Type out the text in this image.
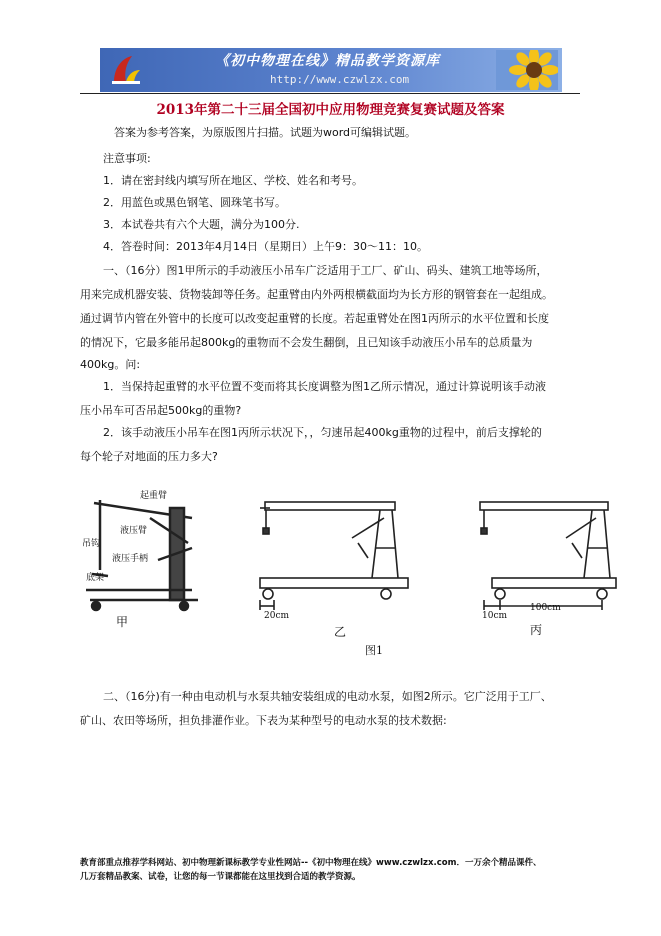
《初中物理在线》精品教学资源库
http://www.czwlzx.com
2013年第二十三届全国初中应用物理竞赛复赛试题及答案
答案为参考答案，为原版图片扫描。试题为word可编辑试题。
注意事项:
1．请在密封线内填写所在地区、学校、姓名和考号。
2．用蓝色或黑色钢笔、圆珠笔书写。
3．本试卷共有六个大题，满分为100分.
4．答卷时间：2013年4月14日（星期日）上午9：30～11：10。
一、（16分）图1甲所示的手动液压小吊车广泛适用于工厂、矿山、码头、建筑工地等场所，
用来完成机器安装、货物装卸等任务。起重臂由内外两根横截面均为长方形的钢管套在一起组成。
通过调节内管在外管中的长度可以改变起重臂的长度。若起重臂处在图1丙所示的水平位置和长度
的情况下，它最多能吊起800kg的重物而不会发生翻倒，且已知该手动液压小吊车的总质量为
400kg。问:
1．当保持起重臂的水平位置不变而将其长度调整为图1乙所示情况，通过计算说明该手动液
压小吊车可否吊起500kg的重物?
2．该手动液压小吊车在图1丙所示状况下，，匀速吊起400kg重物的过程中，前后支撑轮的
每个轮子对地面的压力多大?
起重臂
液压臂
吊钩
液压手柄
底架
甲	20cm
乙
10cm
100cm
丙
图1
二、（16分)有一种由电动机与水泵共轴安装组成的电动水泵，如图2所示。它广泛用于工厂、
矿山、农田等场所，担负排灌作业。下表为某种型号的电动水泵的技术数据:
教育部重点推荐学科网站、初中物理新课标教学专业性网站--《初中物理在线》www.czwlzx.com．一万余个精品课件、
几万套精品教案、试卷，让您的每一节课都能在这里找到合适的教学资源。
